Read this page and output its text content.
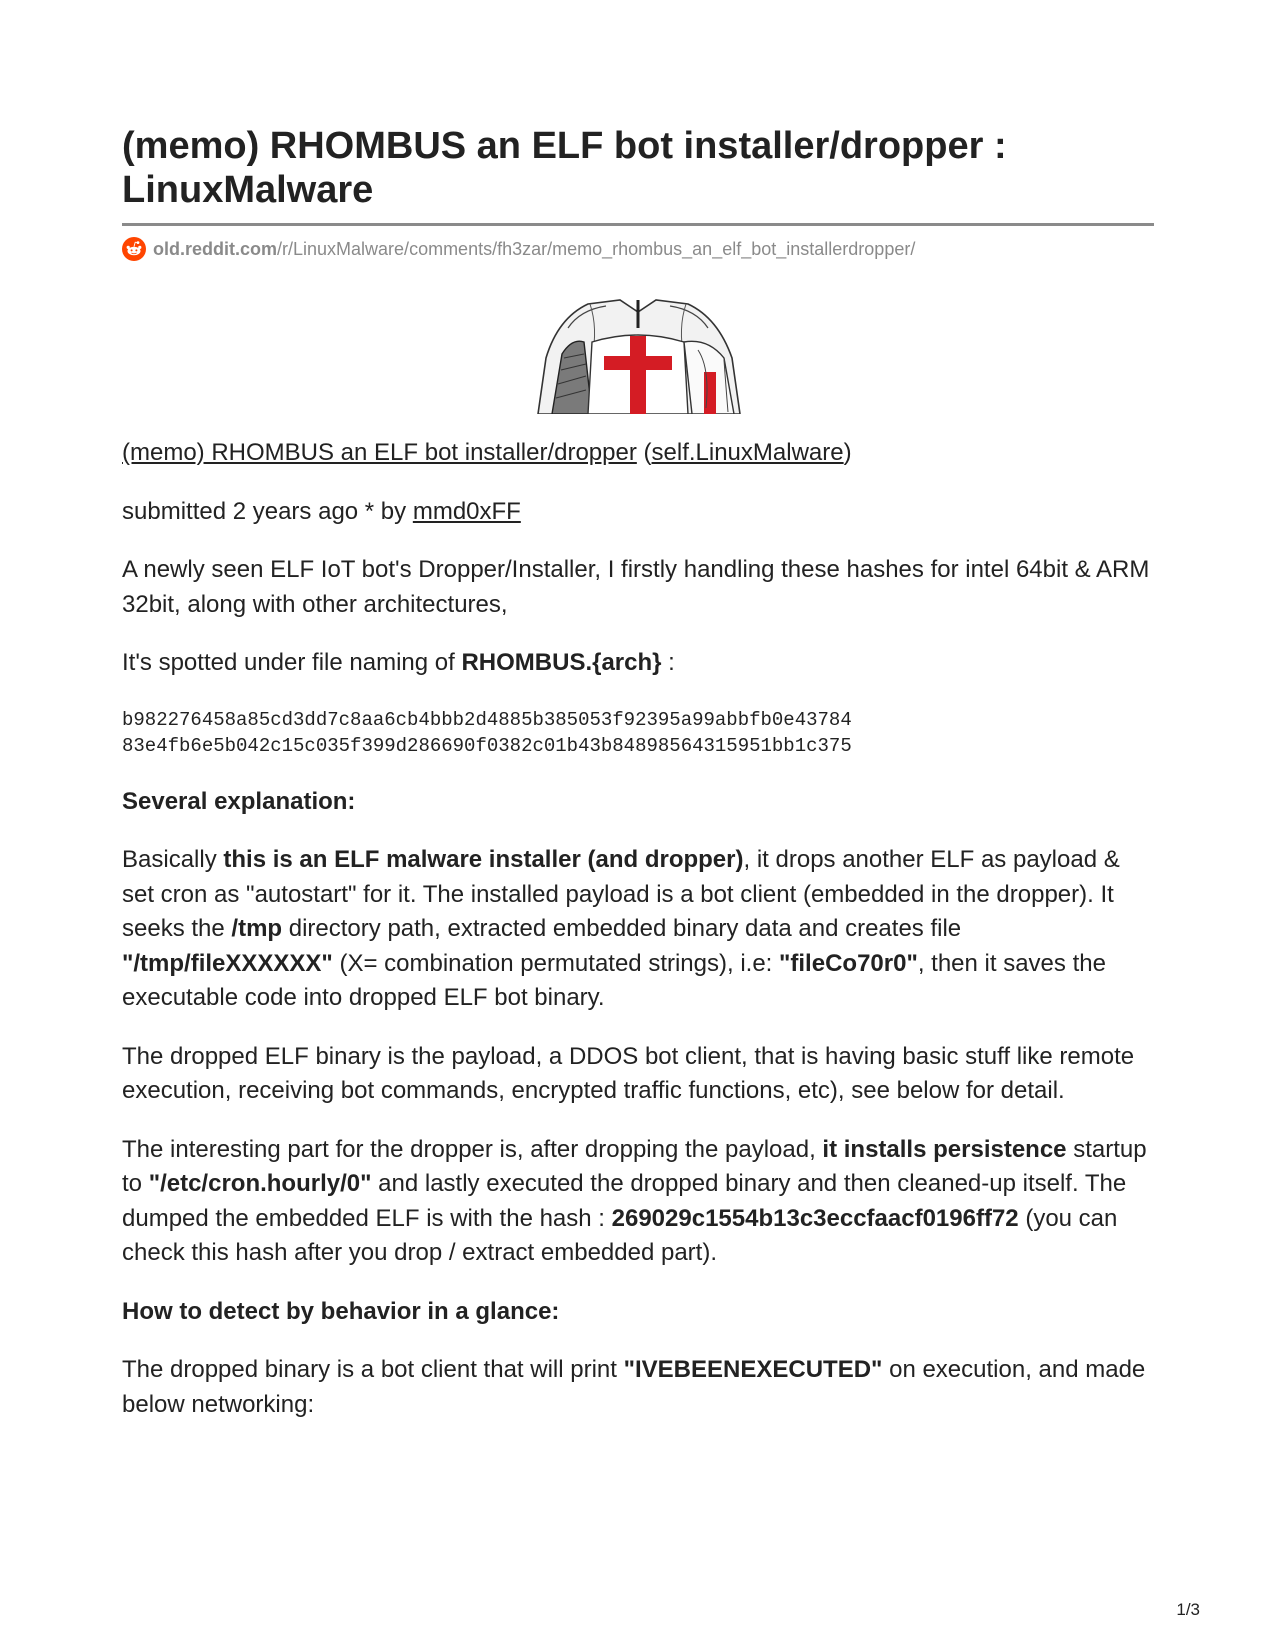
(memo) RHOMBUS an ELF bot installer/dropper : LinuxMalware
old.reddit.com /r/LinuxMalware/comments/fh3zar/memo_rhombus_an_elf_bot_installerdropper/

(memo) RHOMBUS an ELF bot installer/dropper (self.LinuxMalware)

submitted 2 years ago * by mmd0xFF

A newly seen ELF IoT bot's Dropper/Installer, I firstly handling these hashes for intel 64bit & ARM 32bit, along with other architectures,

It's spotted under file naming of RHOMBUS.{arch} :

b982276458a85cd3dd7c8aa6cb4bbb2d4885b385053f92395a99abbfb0e43784
83e4fb6e5b042c15c035f399d286690f0382c01b43b84898564315951bb1c375

Several explanation:

Basically this is an ELF malware installer (and dropper), it drops another ELF as payload & set cron as "autostart" for it. The installed payload is a bot client (embedded in the dropper). It seeks the /tmp directory path, extracted embedded binary data and creates file "/tmp/fileXXXXXX" (X= combination permutated strings), i.e: "fileCo70r0", then it saves the executable code into dropped ELF bot binary.

The dropped ELF binary is the payload, a DDOS bot client, that is having basic stuff like remote execution, receiving bot commands, encrypted traffic functions, etc), see below for detail.

The interesting part for the dropper is, after dropping the payload, it installs persistence startup to "/etc/cron.hourly/0" and lastly executed the dropped binary and then cleaned-up itself. The dumped the embedded ELF is with the hash : 269029c1554b13c3eccfaacf0196ff72 (you can check this hash after you drop / extract embedded part).

How to detect by behavior in a glance:

The dropped binary is a bot client that will print "IVEBEENEXECUTED" on execution, and made below networking:

1/3
